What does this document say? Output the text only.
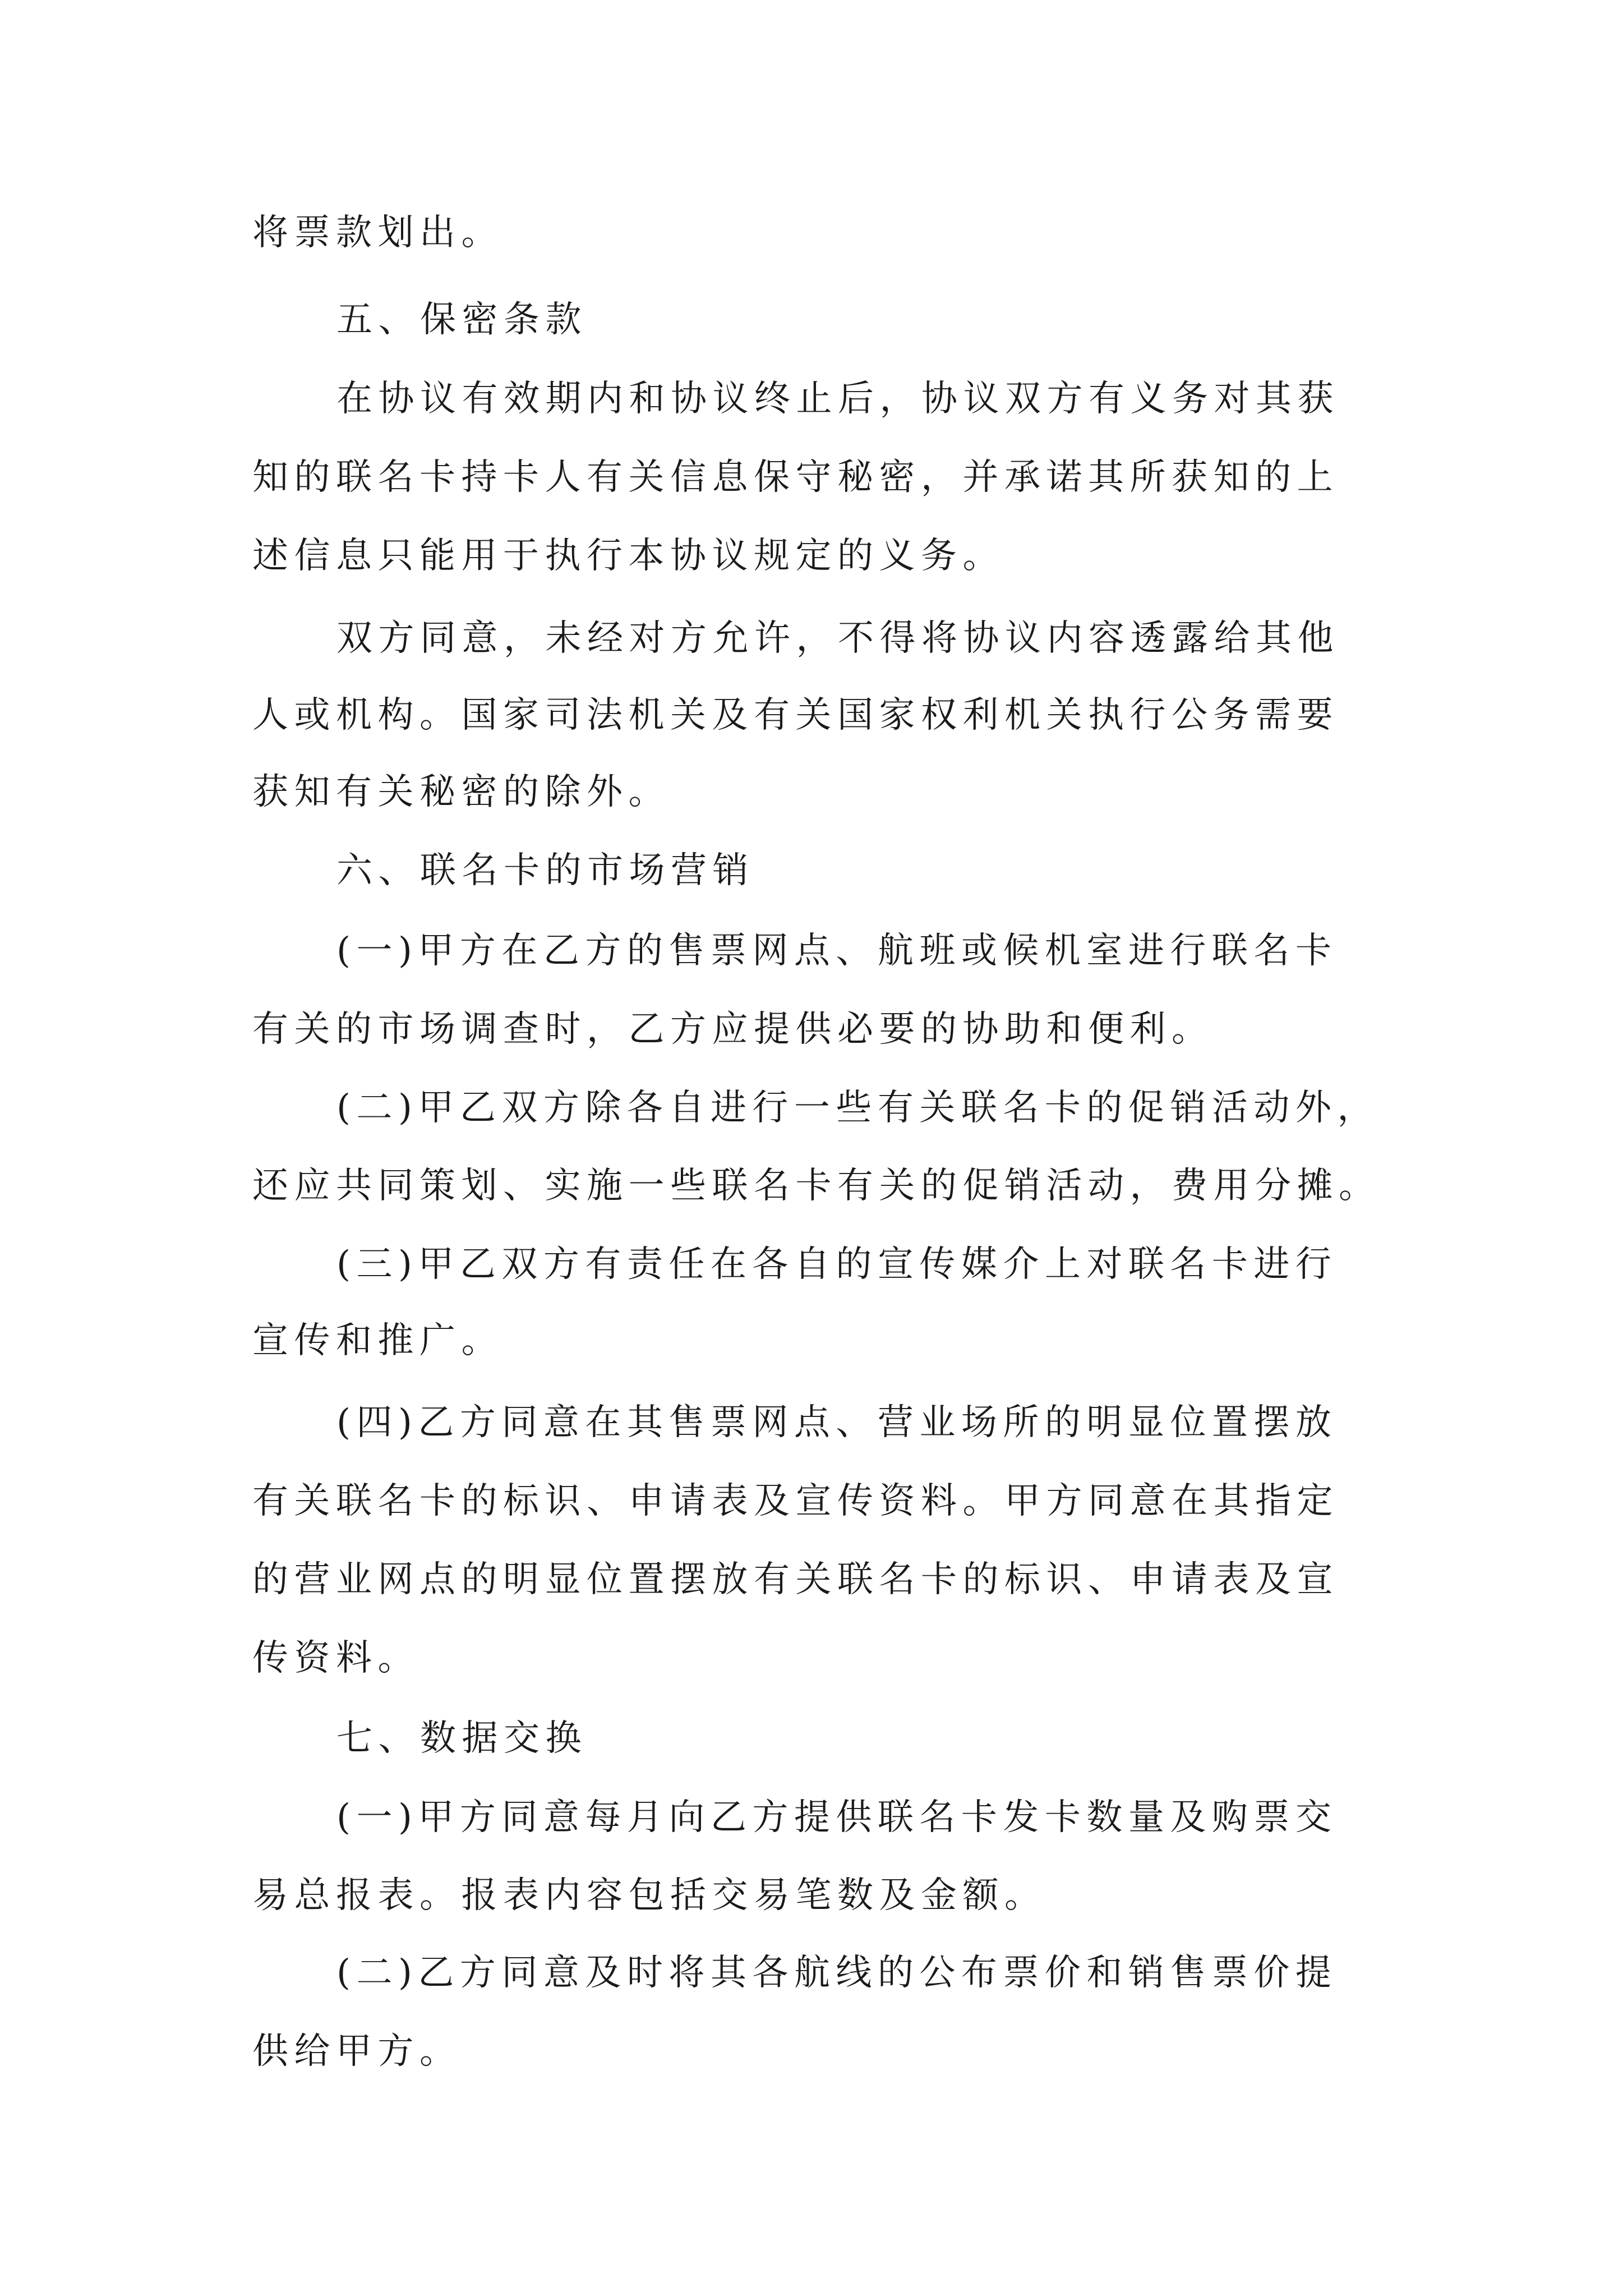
将票款划出。
五、保密条款
在协议有效期内和协议终止后，协议双方有义务对其获
知的联名卡持卡人有关信息保守秘密，并承诺其所获知的上
述信息只能用于执行本协议规定的义务。
双方同意，未经对方允许，不得将协议内容透露给其他
人或机构。国家司法机关及有关国家权利机关执行公务需要
获知有关秘密的除外。
六、联名卡的市场营销
(一)甲方在乙方的售票网点、航班或候机室进行联名卡
有关的市场调查时，乙方应提供必要的协助和便利。
(二)甲乙双方除各自进行一些有关联名卡的促销活动外，
还应共同策划、实施一些联名卡有关的促销活动，费用分摊。
(三)甲乙双方有责任在各自的宣传媒介上对联名卡进行
宣传和推广。
(四)乙方同意在其售票网点、营业场所的明显位置摆放
有关联名卡的标识、申请表及宣传资料。甲方同意在其指定
的营业网点的明显位置摆放有关联名卡的标识、申请表及宣
传资料。
七、数据交换
(一)甲方同意每月向乙方提供联名卡发卡数量及购票交
易总报表。报表内容包括交易笔数及金额。
(二)乙方同意及时将其各航线的公布票价和销售票价提
供给甲方。
